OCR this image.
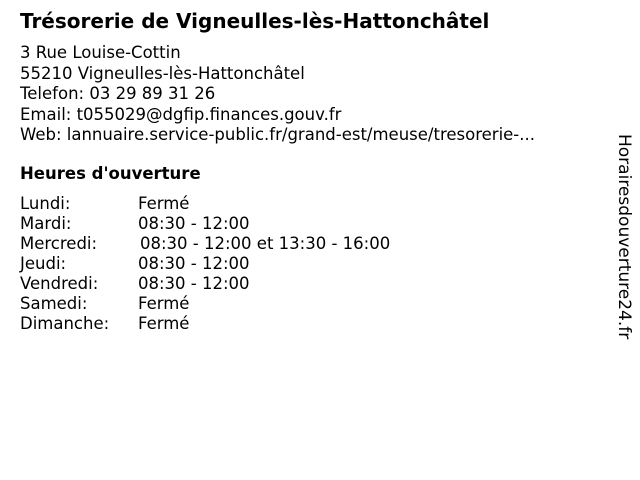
Trésorerie de Vigneulles-lès-Hattonchâtel
3 Rue Louise-Cottin
55210 Vigneulles-lès-Hattonchâtel
Telefon: 03 29 89 31 26
Email: t055029@dgfip.finances.gouv.fr
Web: lannuaire.service-public.fr/grand-est/meuse/tresorerie-...
Heures d'ouverture
Lundi:	Fermé
Mardi:	08:30 - 12:00
Mercredi:	08:30 - 12:00 et 13:30 - 16:00
Jeudi:	08:30 - 12:00
Vendredi: 08:30 - 12:00
Samedi:	Fermé
Dimanche: Fermé	Horairesdouverture24.fr
